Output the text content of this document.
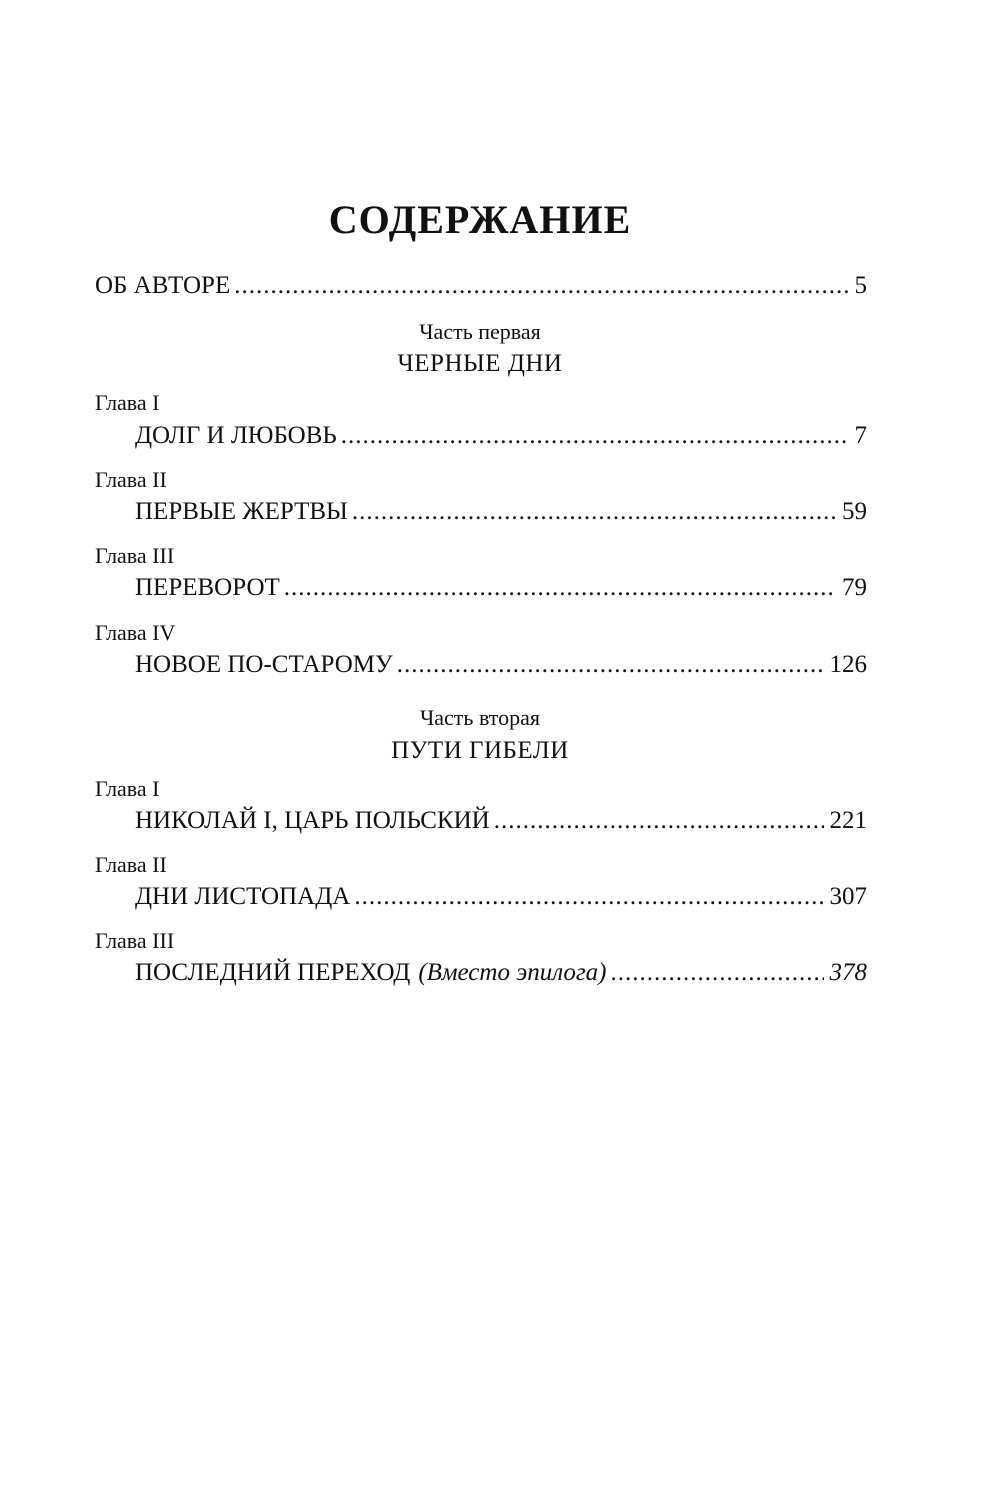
СОДЕРЖАНИЕ
ОБ АВТОРЕ .....	5
Часть первая
ЧЕРНЫЕ ДНИ
Глава I
ДОЛГ И ЛЮБОВЬ .....	7
Глава II
ПЕРВЫЕ ЖЕРТВЫ .....	59
Глава III
ПЕРЕВОРОТ .....	79
Глава IV
НОВОЕ ПО-СТАРОМУ .....	126
Часть вторая
ПУТИ ГИБЕЛИ
Глава I
НИКОЛАЙ I, ЦАРЬ ПОЛЬСКИЙ .....	221
Глава II
ДНИ ЛИСТОПАДА .....	307
Глава III
ПОСЛЕДНИЙ ПЕРЕХОД (Вместо эпилога) .....	378
